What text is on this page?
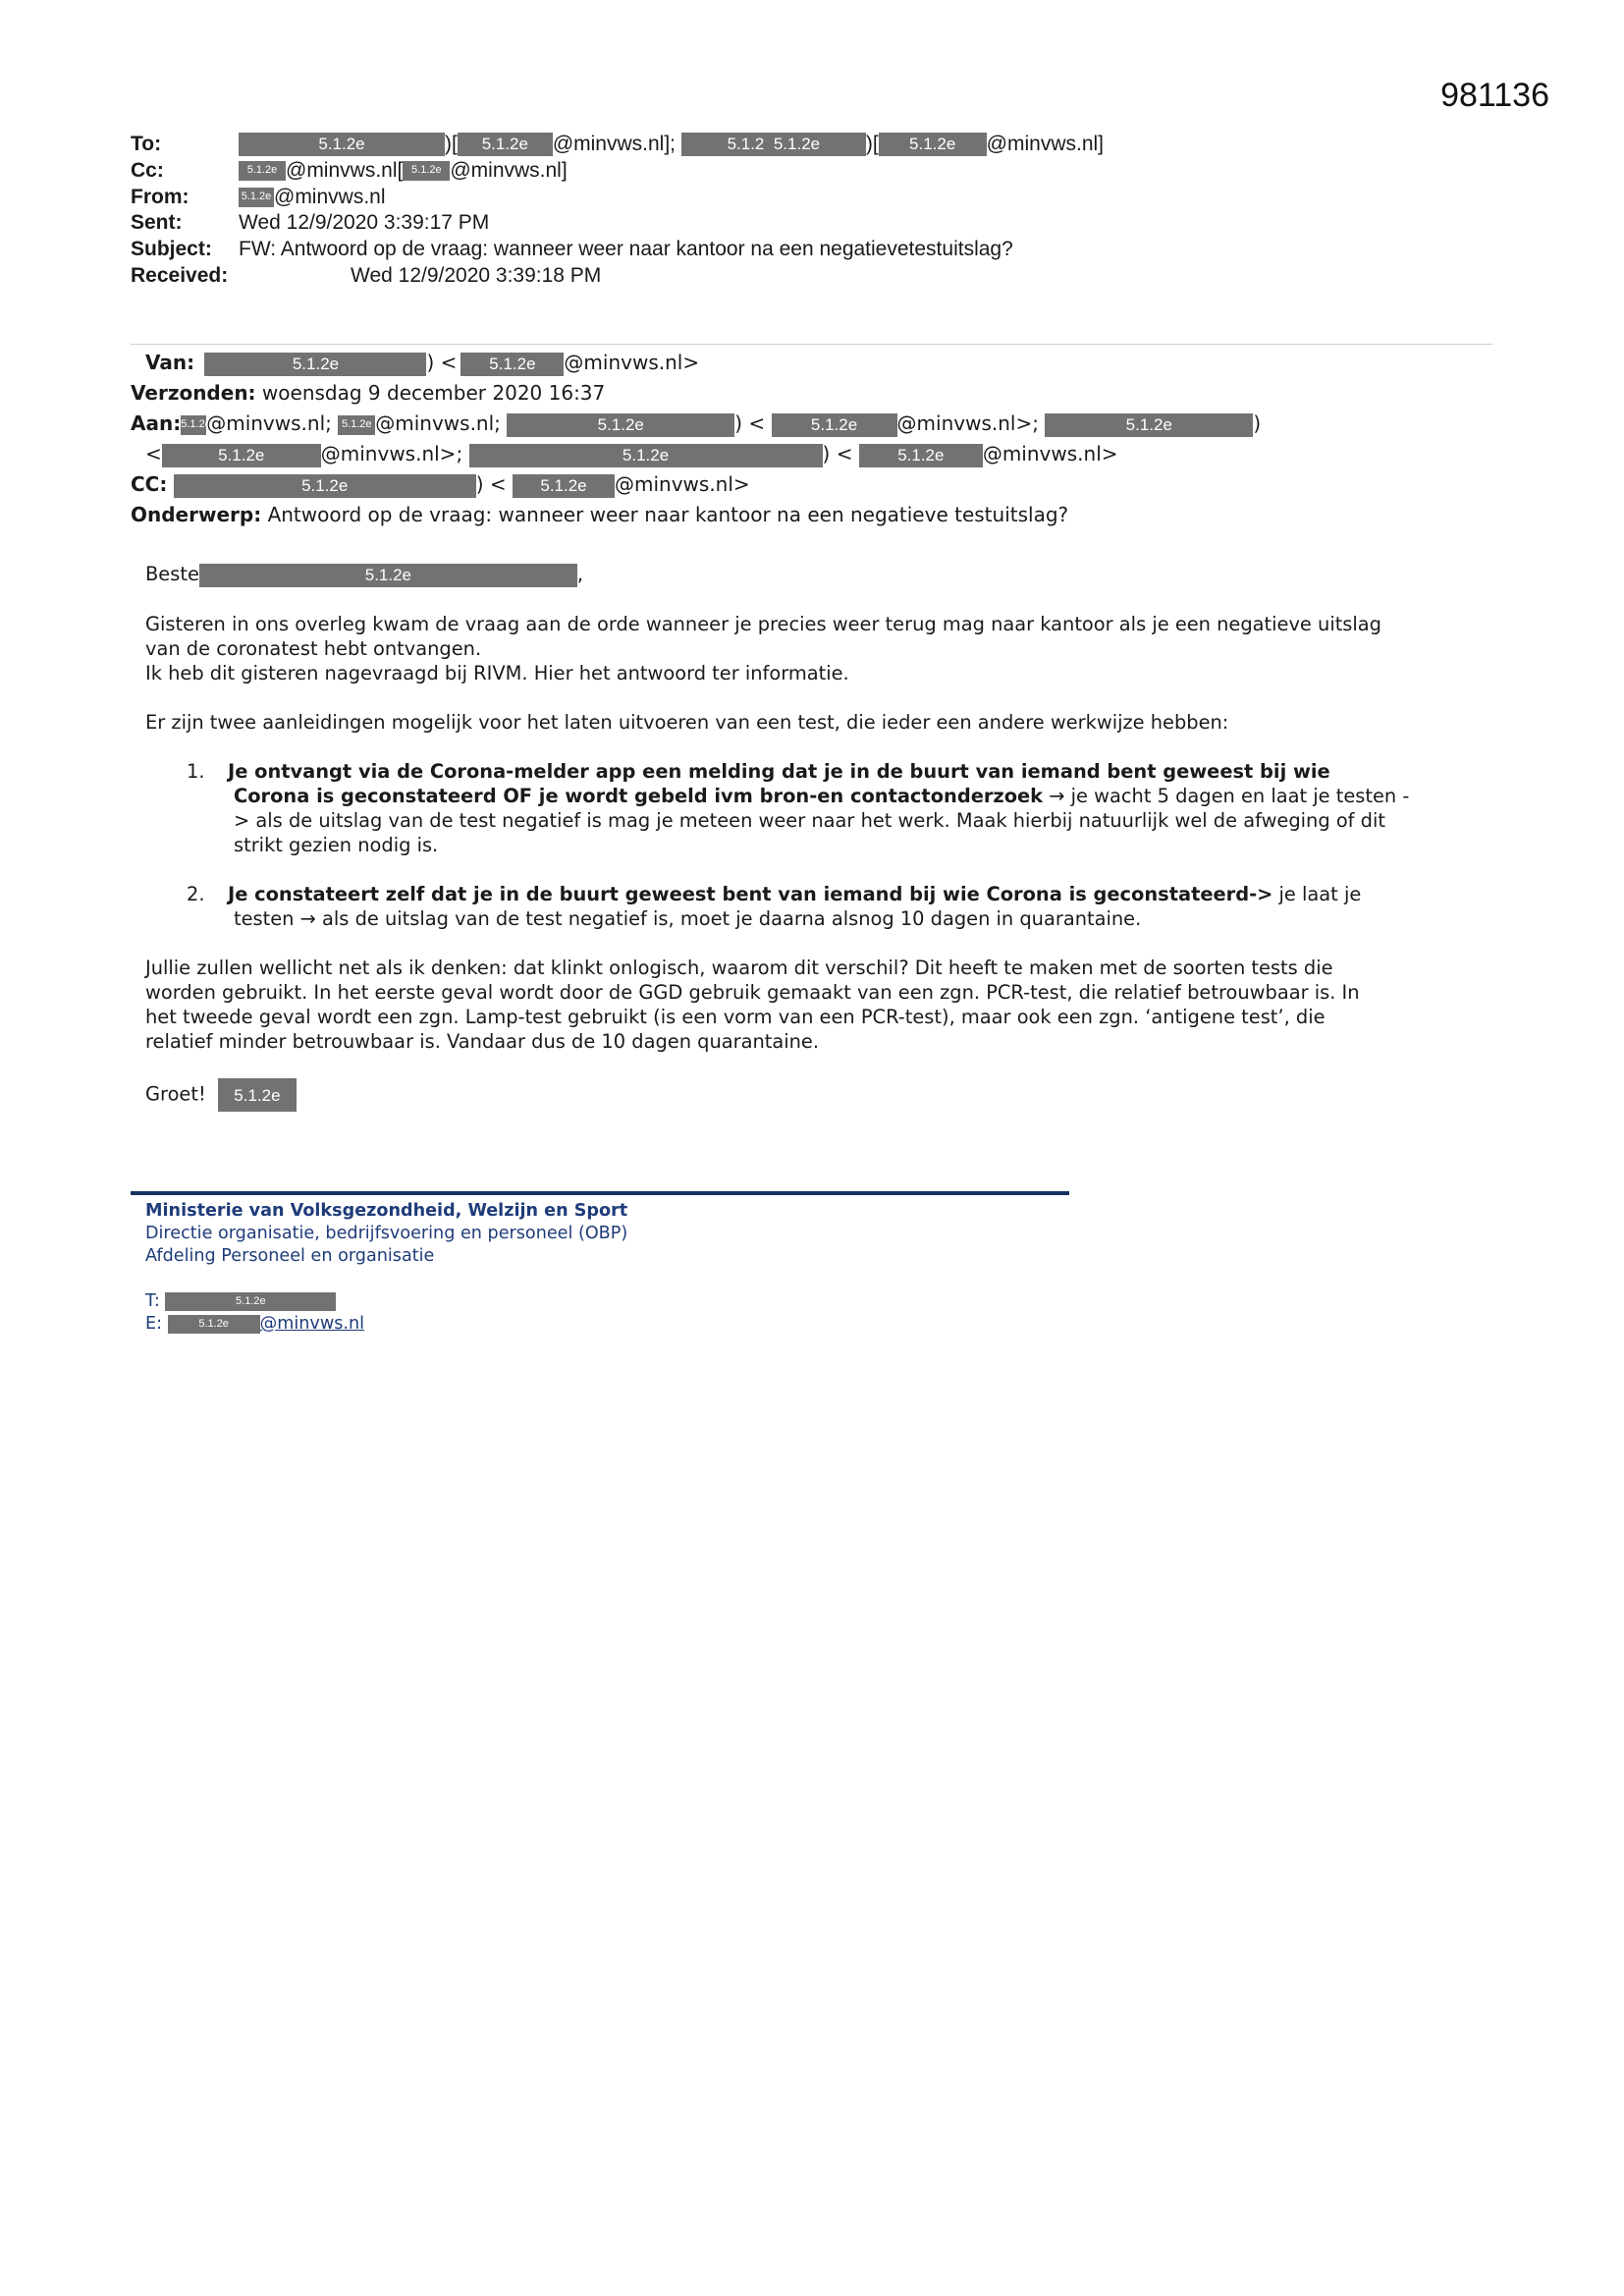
981136
To:	5.1.2e	)[ 5.1.2e @minvws.nl];	5.1.2 5.1.2e )[ 5.1.2e @minvws.nl]
Cc:	5.1.2e @minvws.nl[ 5.1.2e @minvws.nl]
From:	5.1.2e @minvws.nl
Sent:	Wed 12/9/2020 3:39:17 PM
Subject: FW: Antwoord op de vraag: wanneer weer naar kantoor na een negatievetestuitslag?
Received:	Wed 12/9/2020 3:39:18 PM
Van:	5.1.2e	) < 5.1.2e @minvws.nl>
Verzonden: woensdag 9 december 2020 16:37
Aan:5.1.2e@minvws.nl; 5.1.2e @minvws.nl;	5.1.2e	) <	5.1.2e @minvws.nl>;	5.1.2e	)
<	5.1.2e	@minvws.nl>;	5.1.2e	) <	5.1.2e @minvws.nl>
CC:	5.1.2e	) < 5.1.2e @minvws.nl>
Onderwerp: Antwoord op de vraag: wanneer weer naar kantoor na een negatieve testuitslag?

Beste	5.1.2e	,

Gisteren in ons overleg kwam de vraag aan de orde wanneer je precies weer terug mag naar kantoor als je een negatieve uitslag
van de coronatest hebt ontvangen.
Ik heb dit gisteren nagevraagd bij RIVM. Hier het antwoord ter informatie.

Er zijn twee aanleidingen mogelijk voor het laten uitvoeren van een test, die ieder een andere werkwijze hebben:

1. Je ontvangt via de Corona-melder app een melding dat je in de buurt van iemand bent geweest bij wie
Corona is geconstateerd OF je wordt gebeld ivm bron-en contactonderzoek → je wacht 5 dagen en laat je testen -
> als de uitslag van de test negatief is mag je meteen weer naar het werk. Maak hierbij natuurlijk wel de afweging of dit
strikt gezien nodig is.
2. Je constateert zelf dat je in de buurt geweest bent van iemand bij wie Corona is geconstateerd-> je laat je
testen → als de uitslag van de test negatief is, moet je daarna alsnog 10 dagen in quarantaine.

Jullie zullen wellicht net als ik denken: dat klinkt onlogisch, waarom dit verschil? Dit heeft te maken met de soorten tests die
worden gebruikt. In het eerste geval wordt door de GGD gebruik gemaakt van een zgn. PCR-test, die relatief betrouwbaar is. In
het tweede geval wordt een zgn. Lamp-test gebruikt (is een vorm van een PCR-test), maar ook een zgn. ‘antigene test’, die
relatief minder betrouwbaar is. Vandaar dus de 10 dagen quarantaine.

Groet! 5.1.2e

Ministerie van Volksgezondheid, Welzijn en Sport
Directie organisatie, bedrijfsvoering en personeel (OBP)
Afdeling Personeel en organisatie
T:	5.1.2e
E:	5.1.2e @minvws.nl
